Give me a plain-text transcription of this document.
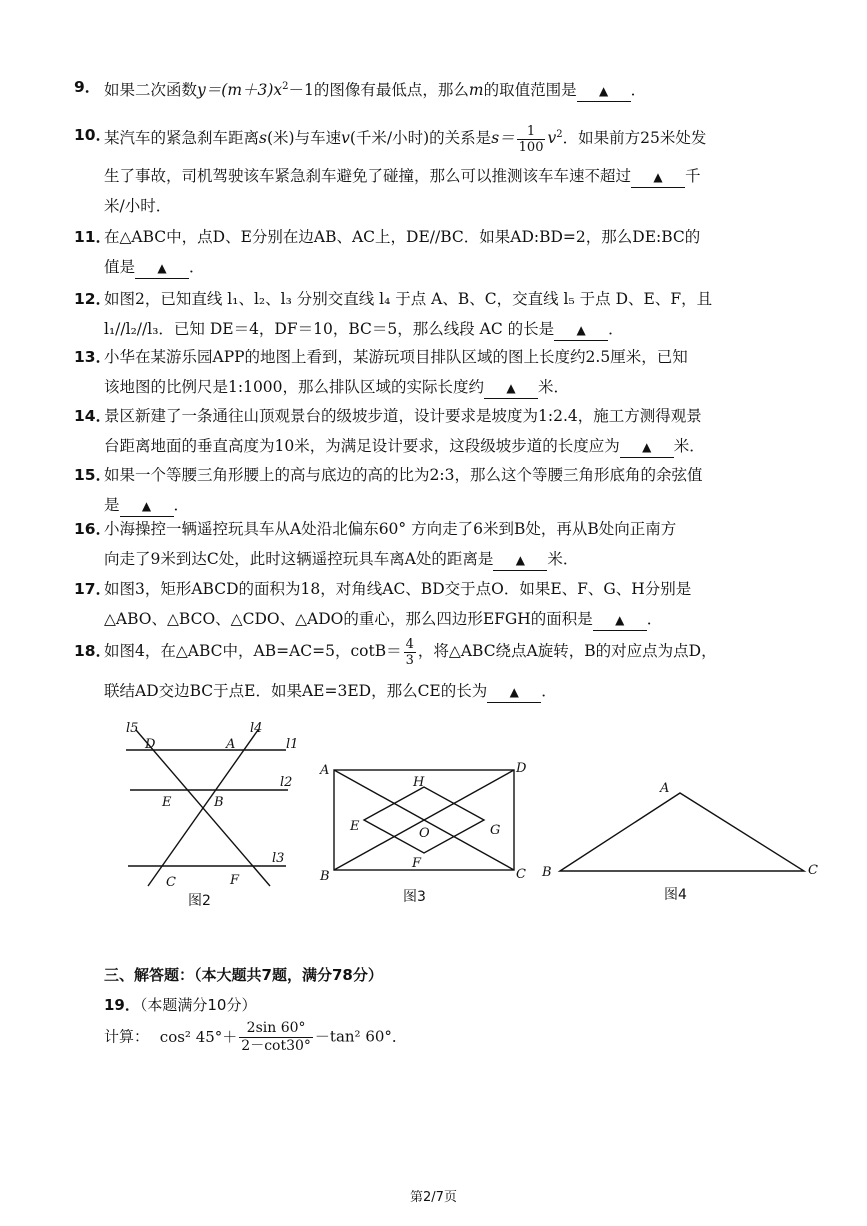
9． 如果二次函数$y=(m+3)x^2-1$的图像有最低点，那么m的取值范围是 ▲ ．
10．
某汽车的紧急刹车距离s(米)与车速v(千米/小时)的关系是$s= \frac{1}{100} v^2$．如果前方25米处发
生了事故，司机驾驶该车紧急刹车避免了碰撞，那么可以推测该车车速不超过 ▲ 千
米/小时．
11．
在△ABC中，点D、E分别在边AB、AC上，DE//BC．如果AD:BD=2，那么DE:BC的
值是 ▲ ．
12．
如图2，已知直线 l₁、l₂、l₃ 分别交直线 l₄ 于点 A、B、C，交直线 l₅ 于点 D、E、F，且
l₁//l₂//l₃．已知 DE＝4，DF＝10，BC＝5，那么线段 AC 的长是 ▲ ．
13．
小华在某游乐园APP的地图上看到，某游玩项目排队区域的图上长度约2.5厘米，已知
该地图的比例尺是1:1000，那么排队区域的实际长度约 ▲ 米．
14．
景区新建了一条通往山顶观景台的级坡步道，设计要求是坡度为1:2.4，施工方测得观景
台距离地面的垂直高度为10米，为满足设计要求，这段级坡步道的长度应为 ▲ 米．
15．
如果一个等腰三角形腰上的高与底边的高的比为2:3，那么这个等腰三角形底角的余弦值
是 ▲ ．
16．
小海操控一辆遥控玩具车从A处沿北偏东60° 方向走了6米到B处，再从B处向正南方
向走了9米到达C处，此时这辆遥控玩具车离A处的距离是 ▲ 米．
17．
如图3，矩形ABCD的面积为18，对角线AC、BD交于点O．如果E、F、G、H分别是
△ABO、△BCO、△CDO、△ADO的重心，那么四边形EFGH的面积是 ▲ ．
18．
如图4，在△ABC中，AB=AC=5，$\cot B= \frac{4}{3}$ ，将△ABC绕点A旋转，B的对应点为点D，
联结AD交边BC于点E．如果AE=3ED，那么CE的长为 ▲ ．
l5	l4
l1
l2
l3
D	A
E	B
C	F
图2
A	D
B	C
H
E	O	G
F
图3
A
B	C
图4
三、解答题：（本大题共7题，满分78分）
19．（本题满分10分）
计算： cos² $45^\circ+ \frac{2\sin 60^\circ}{2-\cot 30^\circ} -\tan^2$ 60°．
第2/7页
